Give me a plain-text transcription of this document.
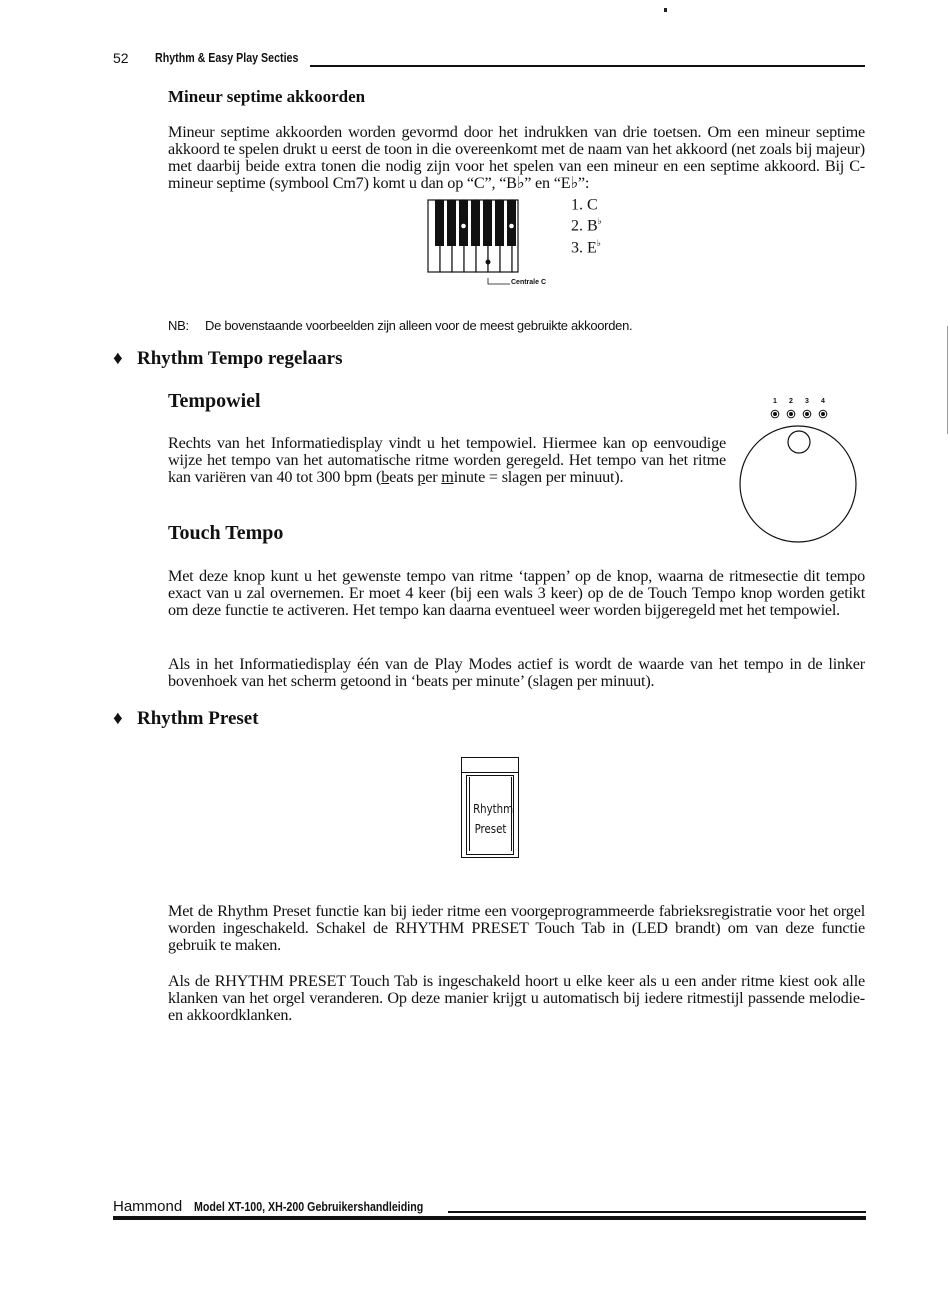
52 Rhythm & Easy Play Secties
Mineur septime akkoorden
Mineur septime akkoorden worden gevormd door het indrukken van drie toetsen. Om een mineur septime akkoord te spelen drukt u eerst de toon in die overeenkomt met de naam van het akkoord (net zoals bij majeur) met daarbij beide extra tonen die nodig zijn voor het spelen van een mineur en een septime akkoord. Bij C-mineur septime (symbool Cm7) komt u dan op “C”, “B♭” en “E♭”:
Centrale C
1. C
2. B♭
3. E♭
NB: De bovenstaande voorbeelden zijn alleen voor de meest gebruikte akkoorden.
♦ Rhythm Tempo regelaars
Tempowiel
Rechts van het Informatiedisplay vindt u het tempowiel. Hiermee kan op eenvoudige wijze het tempo van het automatische ritme worden geregeld. Het tempo van het ritme kan variëren van 40 tot 300 bpm (beats per minute = slagen per minuut).
1 2 3 4
Touch Tempo
Met deze knop kunt u het gewenste tempo van ritme ‘tappen’ op de knop, waarna de ritmesectie dit tempo exact van u zal overnemen. Er moet 4 keer (bij een wals 3 keer) op de de Touch Tempo knop worden getikt om deze functie te activeren. Het tempo kan daarna eventueel weer worden bijgeregeld met het tempowiel.
Als in het Informatiedisplay één van de Play Modes actief is wordt de waarde van het tempo in de linker bovenhoek van het scherm getoond in ‘beats per minute’ (slagen per minuut).
♦ Rhythm Preset
Rhythm
Preset
Met de Rhythm Preset functie kan bij ieder ritme een voorgeprogrammeerde fabrieksregistratie voor het orgel worden ingeschakeld. Schakel de RHYTHM PRESET Touch Tab in (LED brandt) om van deze functie gebruik te maken.
Als de RHYTHM PRESET Touch Tab is ingeschakeld hoort u elke keer als u een ander ritme kiest ook alle klanken van het orgel veranderen. Op deze manier krijgt u automatisch bij iedere ritmestijl passende melodie- en akkoordklanken.
Hammond Model XT-100, XH-200 Gebruikershandleiding
